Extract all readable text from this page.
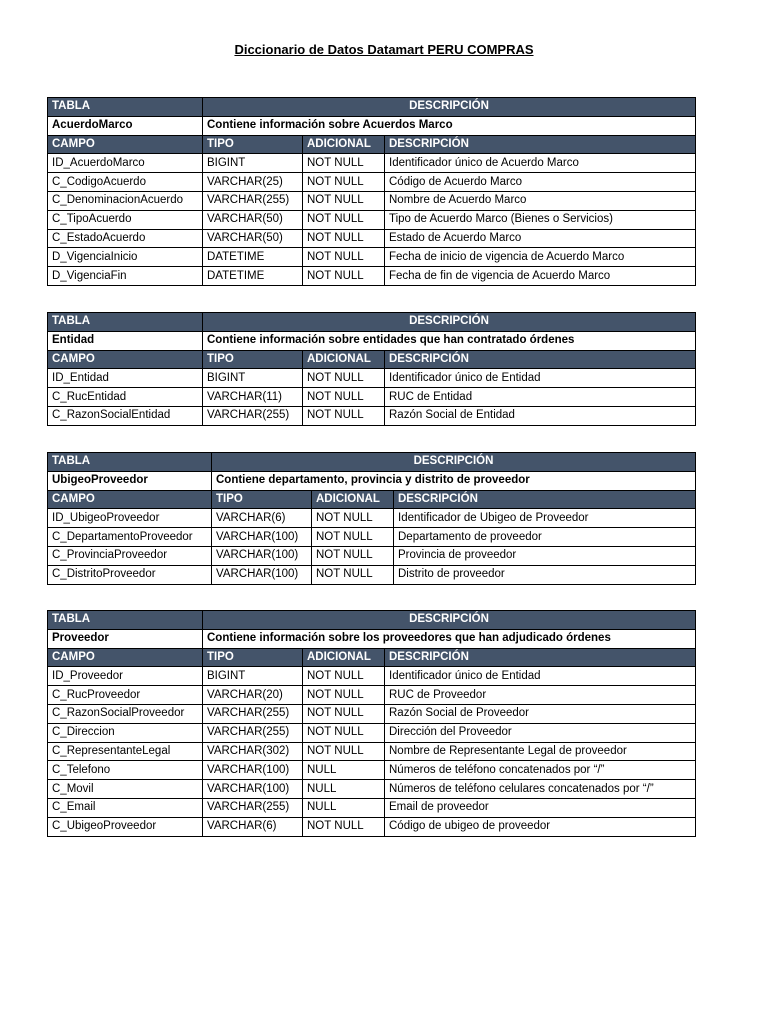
Diccionario de Datos Datamart PERU COMPRAS
TABLA	DESCRIPCIÓN		
AcuerdoMarco	Contiene información sobre Acuerdos Marco		
CAMPO	TIPO	ADICIONAL	DESCRIPCIÓN
ID_AcuerdoMarco	BIGINT	NOT NULL	Identificador único de Acuerdo Marco
C_CodigoAcuerdo	VARCHAR(25)	NOT NULL	Código de Acuerdo Marco
C_DenominacionAcuerdo	VARCHAR(255)	NOT NULL	Nombre de Acuerdo Marco
C_TipoAcuerdo	VARCHAR(50)	NOT NULL	Tipo de Acuerdo Marco (Bienes o Servicios)
C_EstadoAcuerdo	VARCHAR(50)	NOT NULL	Estado de Acuerdo Marco
D_VigenciaInicio	DATETIME	NOT NULL	Fecha de inicio de vigencia de Acuerdo Marco
D_VigenciaFin	DATETIME	NOT NULL	Fecha de fin de vigencia de Acuerdo Marco
TABLA	DESCRIPCIÓN		
Entidad	Contiene información sobre entidades que han contratado órdenes		
CAMPO	TIPO	ADICIONAL	DESCRIPCIÓN
ID_Entidad	BIGINT	NOT NULL	Identificador único de Entidad
C_RucEntidad	VARCHAR(11)	NOT NULL	RUC de Entidad
C_RazonSocialEntidad	VARCHAR(255)	NOT NULL	Razón Social de Entidad
TABLA	DESCRIPCIÓN		
UbigeoProveedor	Contiene departamento, provincia y distrito de proveedor		
CAMPO	TIPO	ADICIONAL	DESCRIPCIÓN
ID_UbigeoProveedor	VARCHAR(6)	NOT NULL	Identificador de Ubigeo de Proveedor
C_DepartamentoProveedor	VARCHAR(100)	NOT NULL	Departamento de proveedor
C_ProvinciaProveedor	VARCHAR(100)	NOT NULL	Provincia de proveedor
C_DistritoProveedor	VARCHAR(100)	NOT NULL	Distrito de proveedor
TABLA	DESCRIPCIÓN		
Proveedor	Contiene información sobre los proveedores que han adjudicado órdenes		
CAMPO	TIPO	ADICIONAL	DESCRIPCIÓN
ID_Proveedor	BIGINT	NOT NULL	Identificador único de Entidad
C_RucProveedor	VARCHAR(20)	NOT NULL	RUC de Proveedor
C_RazonSocialProveedor	VARCHAR(255)	NOT NULL	Razón Social de Proveedor
C_Direccion	VARCHAR(255)	NOT NULL	Dirección del Proveedor
C_RepresentanteLegal	VARCHAR(302)	NOT NULL	Nombre de Representante Legal de proveedor
C_Telefono	VARCHAR(100)	NULL	Números de teléfono concatenados por “/”
C_Movil	VARCHAR(100)	NULL	Números de teléfono celulares concatenados por “/”
C_Email	VARCHAR(255)	NULL	Email de proveedor
C_UbigeoProveedor	VARCHAR(6)	NOT NULL	Código de ubigeo de proveedor
